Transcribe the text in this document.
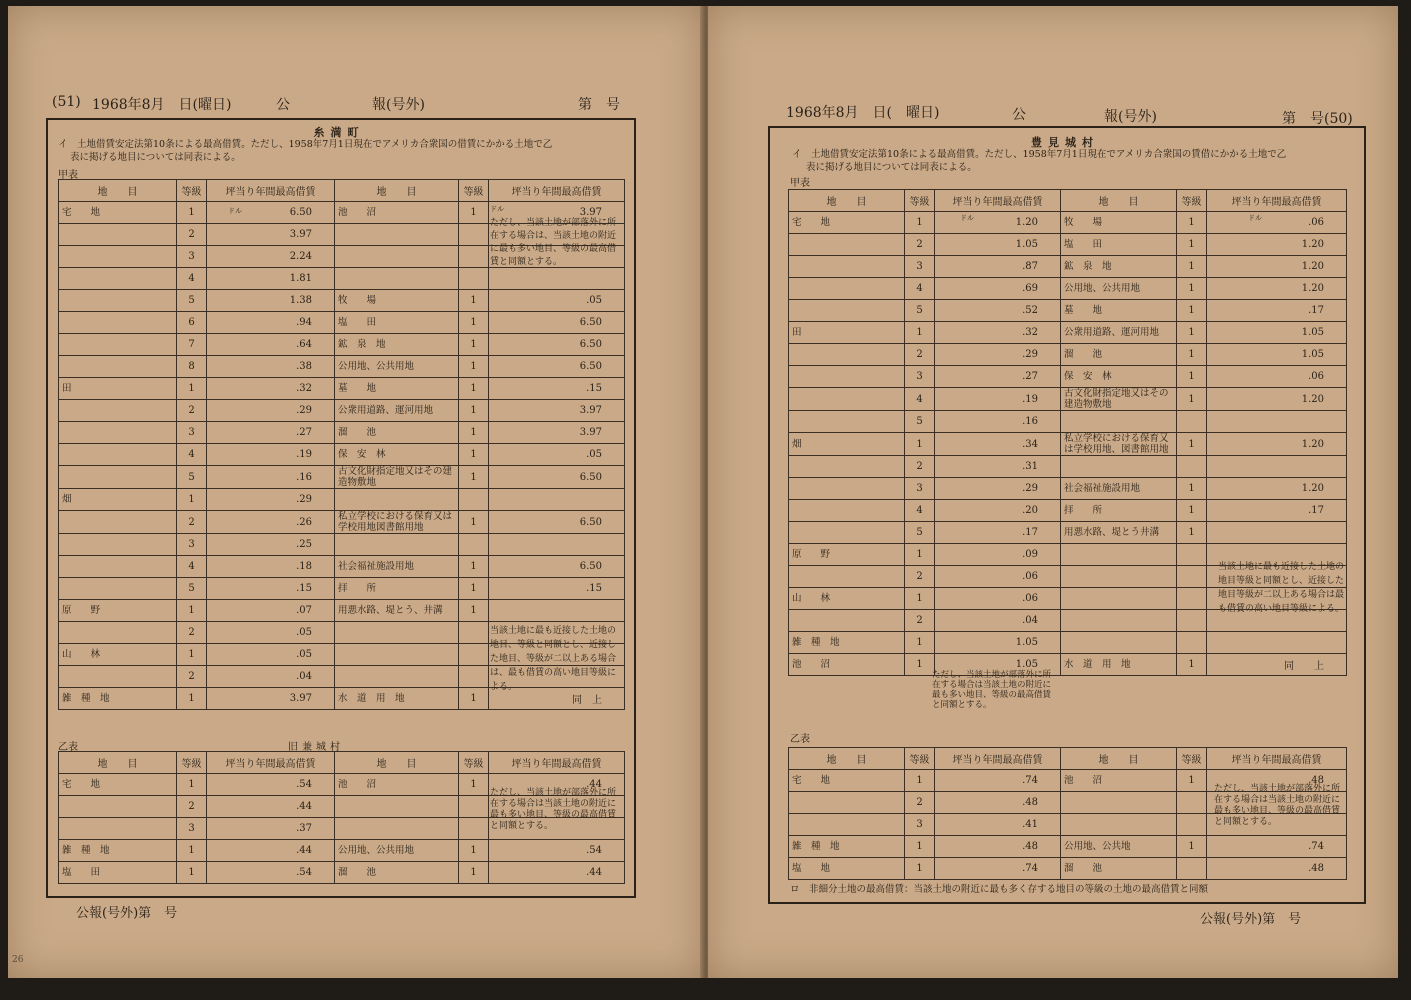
(51) 1968年8月　日(曜日)	公	報(号外)	第　号
糸満町
イ　土地借賃安定法第10条による最高借賃。ただし、1958年7月1日現在でアメリカ合衆国の借賃にかかる土地で乙
表に掲げる地目については同表による。
甲表
地　　目	等級	坪当り年間最高借賃	地　　目	等級	坪当り年間最高借賃
宅　　地	1	6.50	池　　沼	1	3.97
	2	3.97			
	3	2.24			
	4	1.81			
	5	1.38	牧　　場	1	.05
	6	.94	塩　　田	1	6.50
	7	.64	鉱　泉　地	1	6.50
	8	.38	公用地、公共用地	1	6.50
田	1	.32	墓　　地	1	.15
	2	.29	公衆用道路、運河用地	1	3.97
	3	.27	溜　　池	1	3.97
	4	.19	保　安　林	1	.05
	5	.16	古文化財指定地又はその建造物敷地	1	6.50
畑	1	.29			
	2	.26	私立学校における保育又は学校用地図書館用地	1	6.50
	3	.25			
	4	.18	社会福祉施設用地	1	6.50
	5	.15	拝　　所	1	.15
原　　野	1	.07	用悪水路、堤とう、井溝	1	
	2	.05			
山　　林	1	.05			
	2	.04			
雑　種　地	1	3.97	水　道　用　地	1	同　上
ドル	ドル
ただし、当該土地が部落外に所在する場合は、当該土地の附近に最も多い地目、等級の最高借賃と同額とする。
当該土地に最も近接した土地の地目、等級と同額とし、近接した地目、等級が二以上ある場合は、最も借賃の高い地目等級による。
乙表	旧兼城村
地　　目	等級	坪当り年間最高借賃	地　　目	等級	坪当り年間最高借賃
宅　　地	1	.54	池　　沼	1	.44
	2	.44			
	3	.37			
雑　種　地	1	.44	公用地、公共用地	1	.54
塩　　田	1	.54	溜　　池	1	.44
ただし、当該土地が部落外に所在する場合は当該土地の附近に最も多い地目、等級の最高借賃と同額とする。
公報(号外)第　号
26
1968年8月　日(　曜日)	公	報(号外)	第　号(50)
豊見城村
イ　土地借賃安定法第10条による最高借賃。ただし、1958年7月1日現在でアメリカ合衆国の賃借にかかる土地で乙
表に掲げる地目については同表による。
甲表
地　　目	等級	坪当り年間最高借賃	地　　目	等級	坪当り年間最高借賃
宅　　地	1	1.20	牧　　場	1	.06
	2	1.05	塩　　田	1	1.20
	3	.87	鉱　泉　地	1	1.20
	4	.69	公用地、公共用地	1	1.20
	5	.52	墓　　地	1	.17
田	1	.32	公衆用道路、運河用地	1	1.05
	2	.29	溜　　池	1	1.05
	3	.27	保　安　林	1	.06
	4	.19	古文化財指定地又はその建造物敷地	1	1.20
	5	.16			
畑	1	.34	私立学校における保育又は学校用地、図書館用地	1	1.20
	2	.31			
	3	.29	社会福祉施設用地	1	1.20
	4	.20	拝　　所	1	.17
	5	.17	用悪水路、堤とう井溝	1	
原　　野	1	.09			
	2	.06			
山　　林	1	.06			
	2	.04			
雑　種　地	1	1.05			
池　　沼	1	1.05	水　道　用　地	1	同　　上
ドル	ドル
当該土地に最も近接した土地の地目等級と同額とし、近接した地目等級が二以上ある場合は最も借賃の高い地目等級による。
ただし、当該土地が部落外に所在する場合は当該土地の附近に最も多い地目、等級の最高借賃と同額とする。
乙表
地　　目	等級	坪当り年間最高借賃	地　　目	等級	坪当り年間最高借賃
宅　　地	1	.74	池　　沼	1	.48
	2	.48			
	3	.41			
雑　種　地	1	.48	公用地、公共地	1	.74
塩　　地	1	.74	溜　　池		.48
ただし、当該土地が部落外に所在する場合は当該土地の附近に最も多い地目、等級の最高借賃と同額とする。
ロ　非細分土地の最高借賃：当該土地の附近に最も多く存する地目の等級の土地の最高借賃と同額
公報(号外)第　号
